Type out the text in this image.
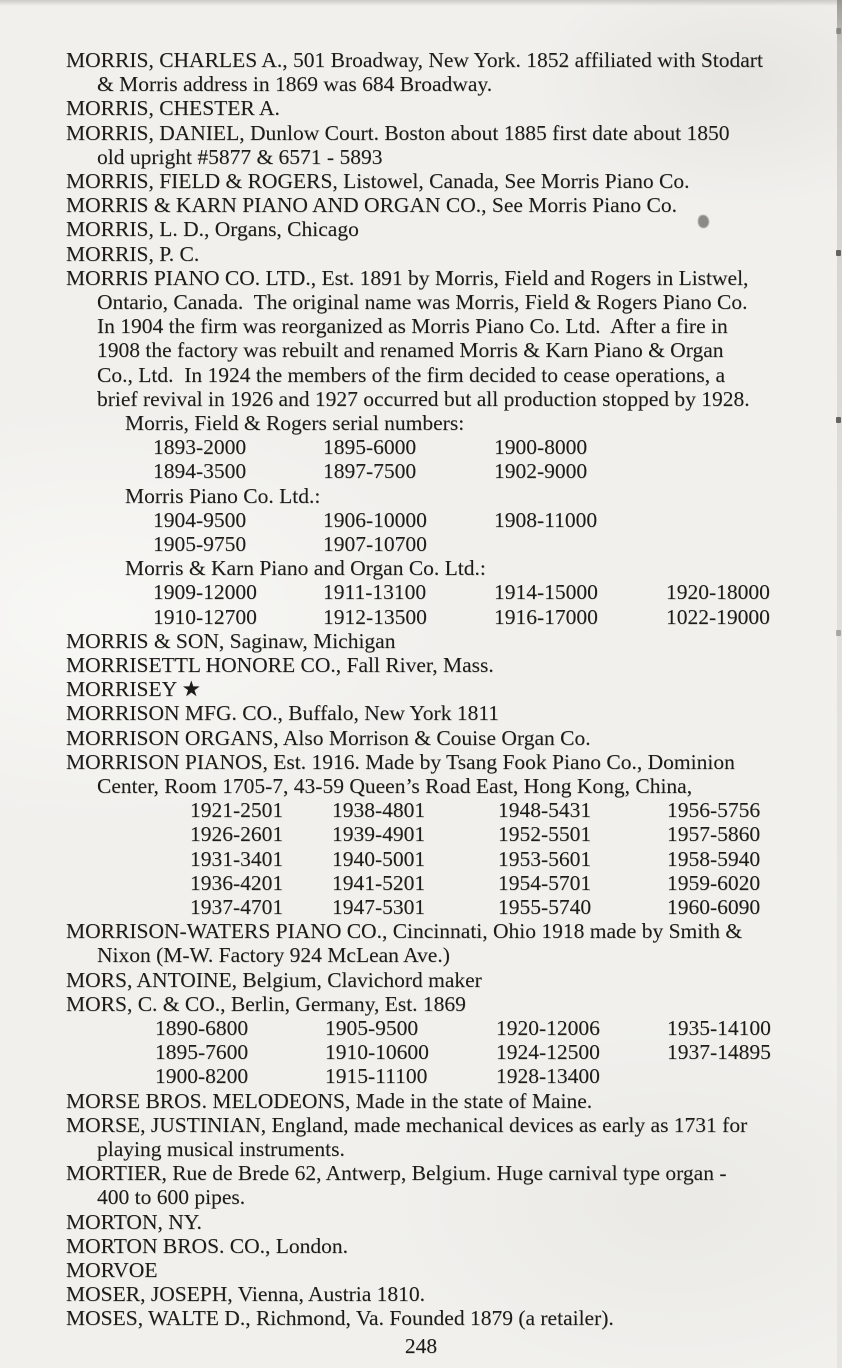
MORRIS, CHARLES A., 501 Broadway, New York. 1852 affiliated with Stodart
& Morris address in 1869 was 684 Broadway.
MORRIS, CHESTER A.
MORRIS, DANIEL, Dunlow Court. Boston about 1885 first date about 1850
old upright #5877 & 6571 - 5893
MORRIS, FIELD & ROGERS, Listowel, Canada, See Morris Piano Co.
MORRIS & KARN PIANO AND ORGAN CO., See Morris Piano Co.
MORRIS, L. D., Organs, Chicago
MORRIS, P. C.
MORRIS PIANO CO. LTD., Est. 1891 by Morris, Field and Rogers in Listwel,
Ontario, Canada.  The original name was Morris, Field & Rogers Piano Co.
In 1904 the firm was reorganized as Morris Piano Co. Ltd.  After a fire in
1908 the factory was rebuilt and renamed Morris & Karn Piano & Organ
Co., Ltd.  In 1924 the members of the firm decided to cease operations, a
brief revival in 1926 and 1927 occurred but all production stopped by 1928.
Morris, Field & Rogers serial numbers:
1893-2000	1895-6000	1900-8000
1894-3500	1897-7500	1902-9000
Morris Piano Co. Ltd.:
1904-9500	1906-10000	1908-11000
1905-9750	1907-10700
Morris & Karn Piano and Organ Co. Ltd.:
1909-12000	1911-13100	1914-15000	1920-18000
1910-12700	1912-13500	1916-17000	1022-19000
MORRIS & SON, Saginaw, Michigan
MORRISETTL HONORE CO., Fall River, Mass.
MORRISEY ★
MORRISON MFG. CO., Buffalo, New York 1811
MORRISON ORGANS, Also Morrison & Couise Organ Co.
MORRISON PIANOS, Est. 1916. Made by Tsang Fook Piano Co., Dominion
Center, Room 1705-7, 43-59 Queen’s Road East, Hong Kong, China,
1921-2501 1938-4801	1948-5431	1956-5756
1926-2601 1939-4901	1952-5501	1957-5860
1931-3401 1940-5001	1953-5601	1958-5940
1936-4201 1941-5201	1954-5701	1959-6020
1937-4701 1947-5301	1955-5740	1960-6090
MORRISON-WATERS PIANO CO., Cincinnati, Ohio 1918 made by Smith &
Nixon (M-W. Factory 924 McLean Ave.)
MORS, ANTOINE, Belgium, Clavichord maker
MORS, C. & CO., Berlin, Germany, Est. 1869
1890-6800	1905-9500	1920-12006	1935-14100
1895-7600	1910-10600	1924-12500	1937-14895
1900-8200	1915-11100	1928-13400
MORSE BROS. MELODEONS, Made in the state of Maine.
MORSE, JUSTINIAN, England, made mechanical devices as early as 1731 for
playing musical instruments.
MORTIER, Rue de Brede 62, Antwerp, Belgium. Huge carnival type organ -
400 to 600 pipes.
MORTON, NY.
MORTON BROS. CO., London.
MORVOE
MOSER, JOSEPH, Vienna, Austria 1810.
MOSES, WALTE D., Richmond, Va. Founded 1879 (a retailer).
248
